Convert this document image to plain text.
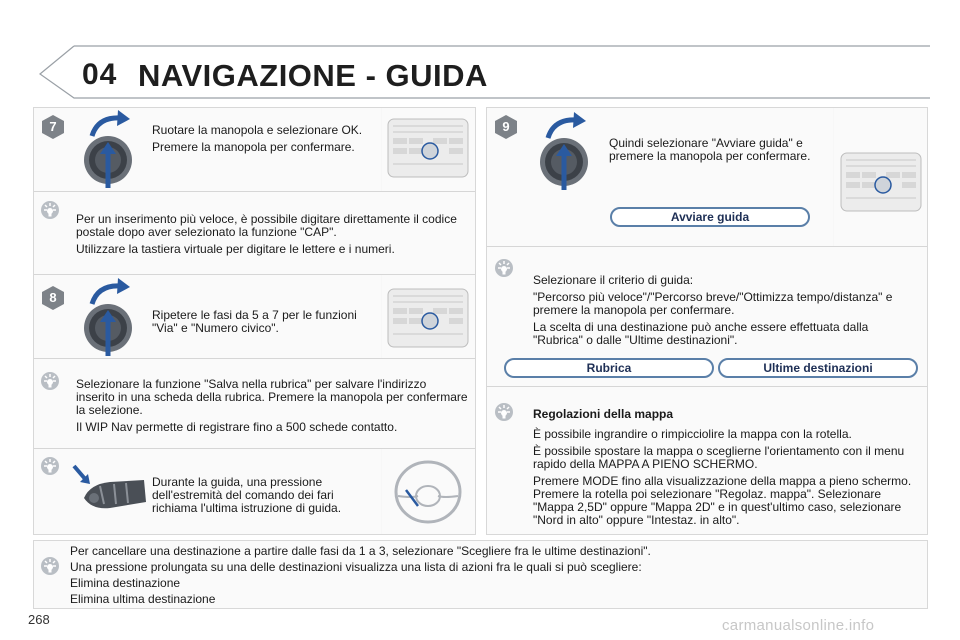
04 NAVIGAZIONE - GUIDA
7	Ruotare la manopola e selezionare OK.

Premere la manopola per confermare.

Per un inserimento più veloce, è possibile digitare direttamente il codice postale dopo aver selezionato la funzione "CAP".

Utilizzare la tastiera virtuale per digitare le lettere e i numeri.

8

Ripetere le fasi da 5 a 7 per le funzioni "Via" e "Numero civico".

Selezionare la funzione "Salva nella rubrica" per salvare l'indirizzo inserito in una scheda della rubrica. Premere la manopola per confermare la selezione.

Il WIP Nav permette di registrare fino a 500 schede contatto.

Durante la guida, una pressione dell'estremità del comando dei fari richiama l'ultima istruzione di guida.

9

Quindi selezionare "Avviare guida" e premere la manopola per confermare.

Avviare guida

Selezionare il criterio di guida:

"Percorso più veloce"/"Percorso breve/"Ottimizza tempo/distanza" e premere la manopola per confermare.

La scelta di una destinazione può anche essere effettuata dalla "Rubrica" o dalle "Ultime destinazioni".

Rubrica	Ultime destinazioni

Regolazioni della mappa

È possibile ingrandire o rimpicciolire la mappa con la rotella.

È possibile spostare la mappa o sceglierne l'orientamento con il menu rapido della MAPPA A PIENO SCHERMO.

Premere MODE fino alla visualizzazione della mappa a pieno schermo. Premere la rotella poi selezionare "Regolaz. mappa". Selezionare "Mappa 2,5D" oppure "Mappa 2D" e in quest'ultimo caso, selezionare "Nord in alto" oppure "Intestaz. in alto".

Per cancellare una destinazione a partire dalle fasi da 1 a 3, selezionare "Scegliere fra le ultime destinazioni".

Una pressione prolungata su una delle destinazioni visualizza una lista di azioni fra le quali si può scegliere:

Elimina destinazione

Elimina ultima destinazione

268	carmanualsonline.info
